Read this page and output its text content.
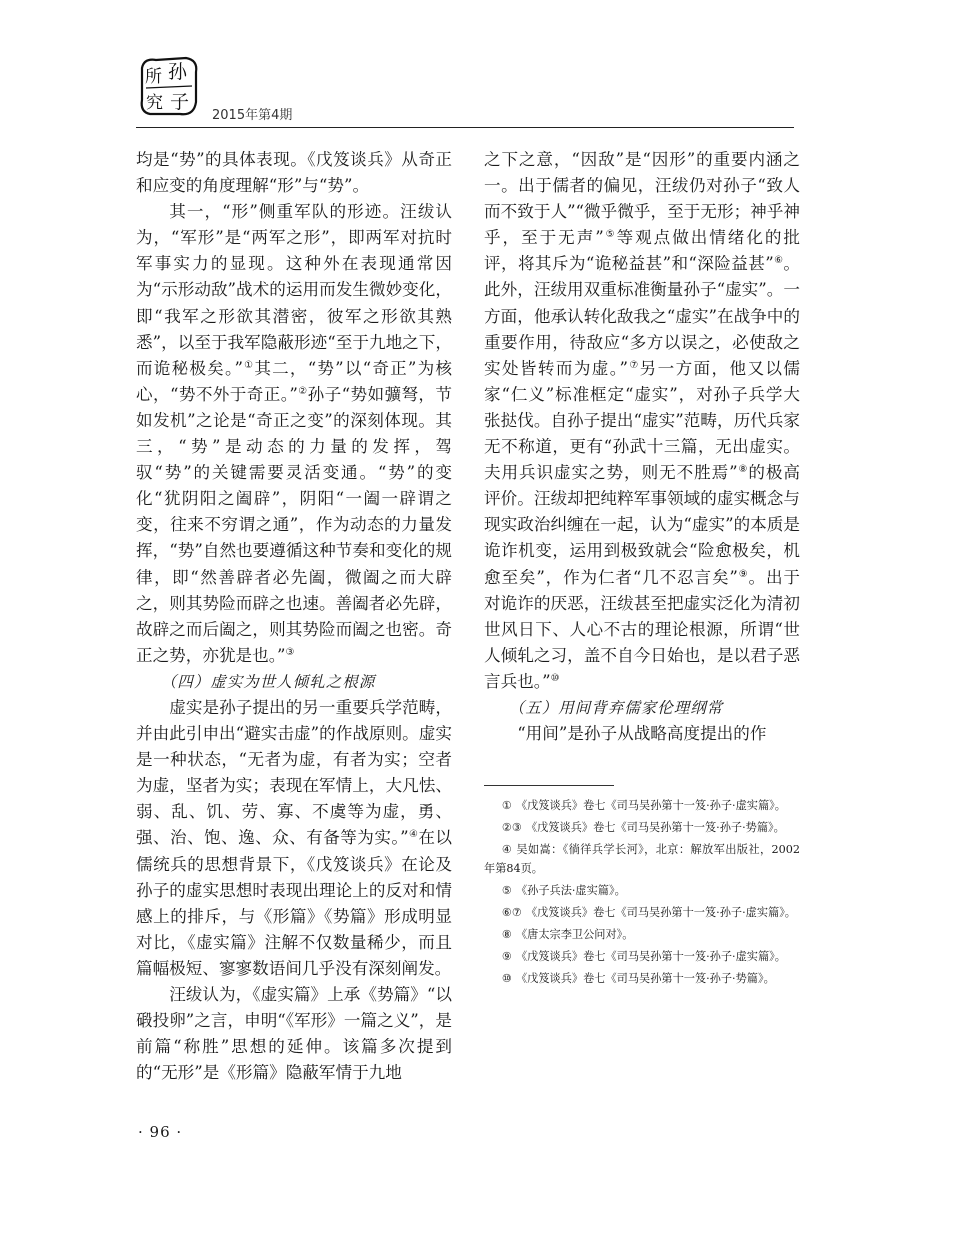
所 孙
究 子
2015年第4期

均是“势”的具体表现。《戊笈谈兵》从奇正和应变的角度理解“形”与“势”。

其一，“形”侧重军队的形迹。汪绂认为，“军形”是“两军之形”，即两军对抗时军事实力的显现。这种外在表现通常因为“示形动敌”战术的运用而发生微妙变化，即“我军之形欲其潜密，彼军之形欲其熟悉”，以至于我军隐蔽形迹“至于九地之下，而诡秘极矣。”①其二，“势”以“奇正”为核心，“势不外于奇正。”②孙子“势如彍弩，节如发机”之论是“奇正之变”的深刻体现。其三，“势”是动态的力量的发挥，驾驭“势”的关键需要灵活变通。“势”的变化“犹阴阳之阖辟”，阴阳“一阖一辟谓之变，往来不穷谓之通”，作为动态的力量发挥，“势”自然也要遵循这种节奏和变化的规律，即“然善辟者必先阖，微阖之而大辟之，则其势险而辟之也速。善阖者必先辟，故辟之而后阖之，则其势险而阖之也密。奇正之势，亦犹是也。”③

（四）虚实为世人倾轧之根源

虚实是孙子提出的另一重要兵学范畴，并由此引申出“避实击虚”的作战原则。虚实是一种状态，“无者为虚，有者为实；空者为虚，坚者为实；表现在军情上，大凡怯、弱、乱、饥、劳、寡、不虞等为虚，勇、强、治、饱、逸、众、有备等为实。”④在以儒统兵的思想背景下，《戊笈谈兵》在论及孙子的虚实思想时表现出理论上的反对和情感上的排斥，与《形篇》《势篇》形成明显对比，《虚实篇》注解不仅数量稀少，而且篇幅极短、寥寥数语间几乎没有深刻阐发。

汪绂认为，《虚实篇》上承《势篇》“以碫投卵”之言，申明“《军形》一篇之义”，是前篇“称胜”思想的延伸。该篇多次提到的“无形”是《形篇》隐蔽军情于九地

之下之意，“因敌”是“因形”的重要内涵之一。出于儒者的偏见，汪绂仍对孙子“致人而不致于人”“微乎微乎，至于无形；神乎神乎，至于无声”⑤等观点做出情绪化的批评，将其斥为“诡秘益甚”和“深险益甚”⑥。此外，汪绂用双重标准衡量孙子“虚实”。一方面，他承认转化敌我之“虚实”在战争中的重要作用，待敌应“多方以误之，必使敌之实处皆转而为虚。”⑦另一方面，他又以儒家“仁义”标准框定“虚实”，对孙子兵学大张挞伐。自孙子提出“虚实”范畴，历代兵家无不称道，更有“孙武十三篇，无出虚实。夫用兵识虚实之势，则无不胜焉”⑧的极高评价。汪绂却把纯粹军事领域的虚实概念与现实政治纠缠在一起，认为“虚实”的本质是诡诈机变，运用到极致就会“险愈极矣，机愈至矣”，作为仁者“几不忍言矣”⑨。出于对诡诈的厌恶，汪绂甚至把虚实泛化为清初世风日下、人心不古的理论根源，所谓“世人倾轧之习，盖不自今日始也，是以君子恶言兵也。”⑩

（五）用间背弃儒家伦理纲常

“用间”是孙子从战略高度提出的作

① 《戊笈谈兵》卷七《司马吴孙第十一笈·孙子·虚实篇》。

②③ 《戊笈谈兵》卷七《司马吴孙第十一笈·孙子·势篇》。

④ 吴如嵩：《徜徉兵学长河》，北京：解放军出版社，2002年第84页。

⑤ 《孙子兵法·虚实篇》。

⑥⑦ 《戊笈谈兵》卷七《司马吴孙第十一笈·孙子·虚实篇》。

⑧ 《唐太宗李卫公问对》。

⑨ 《戊笈谈兵》卷七《司马吴孙第十一笈·孙子·虚实篇》。

⑩ 《戊笈谈兵》卷七《司马吴孙第十一笈·孙子·势篇》。

· 96 ·
